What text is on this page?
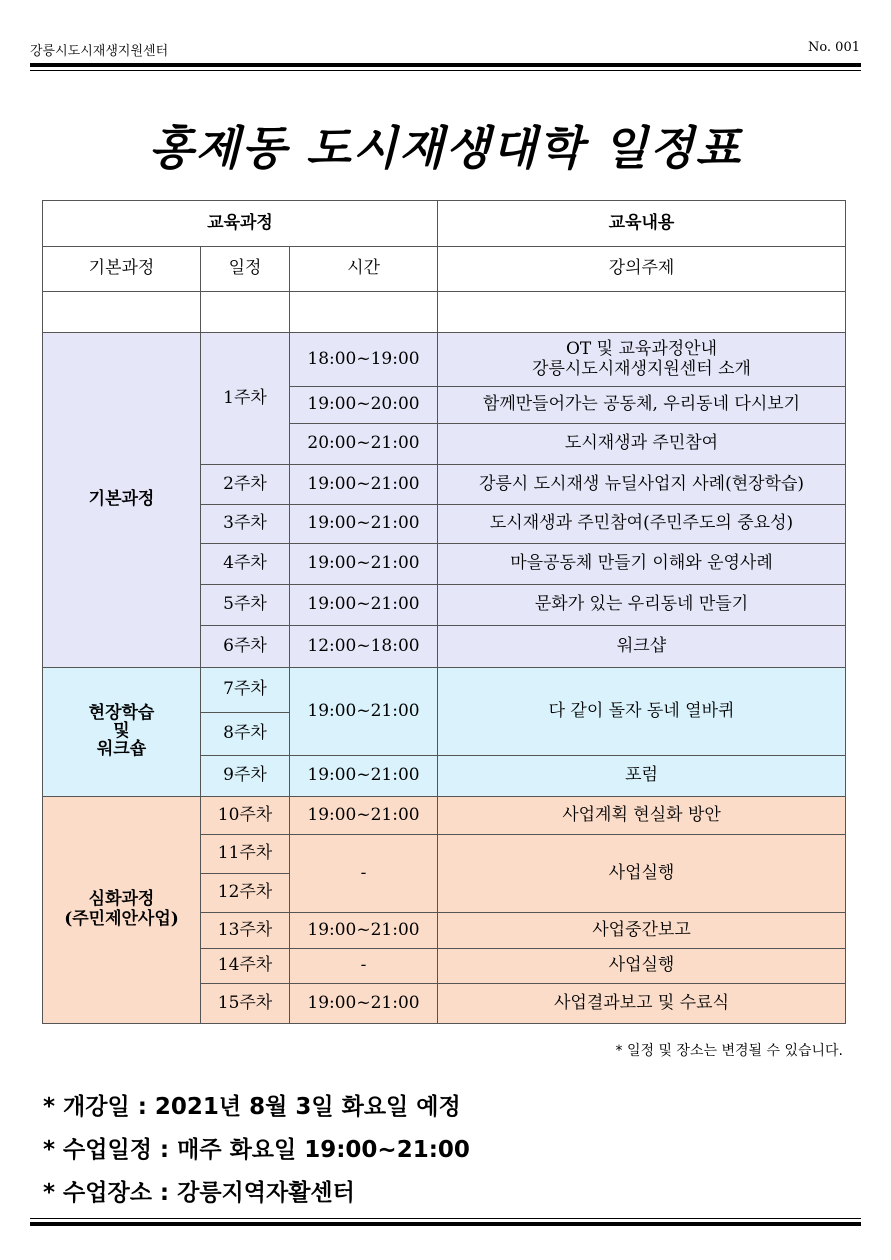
강릉시도시재생지원센터	No. 001
홍제동 도시재생대학 일정표
교육과정			교육내용
기본과정	일정	시간	강의주제

기본과정	1주차	18:00~19:00	OT 및 교육과정안내
강릉시도시재생지원센터 소개
		19:00~20:00	함께만들어가는 공동체, 우리동네 다시보기
		20:00~21:00	도시재생과 주민참여
	2주차	19:00~21:00	강릉시 도시재생 뉴딜사업지 사례(현장학습)
	3주차	19:00~21:00	도시재생과 주민참여(주민주도의 중요성)
	4주차	19:00~21:00	마을공동체 만들기 이해와 운영사례
	5주차	19:00~21:00	문화가 있는 우리동네 만들기
	6주차	12:00~18:00	워크샵
현장학습
및
워크숍	7주차	19:00~21:00	다 같이 돌자 동네 열바퀴
	8주차		
	9주차	19:00~21:00	포럼
심화과정
(주민제안사업)	10주차	19:00~21:00	사업계획 현실화 방안
	11주차	-	사업실행
	12주차		
	13주차	19:00~21:00	사업중간보고
	14주차	-	사업실행
	15주차	19:00~21:00	사업결과보고 및 수료식
* 일정 및 장소는 변경될 수 있습니다.
* 개강일 : 2021년 8월 3일 화요일 예정
* 수업일정 : 매주 화요일 19:00~21:00
* 수업장소 : 강릉지역자활센터
